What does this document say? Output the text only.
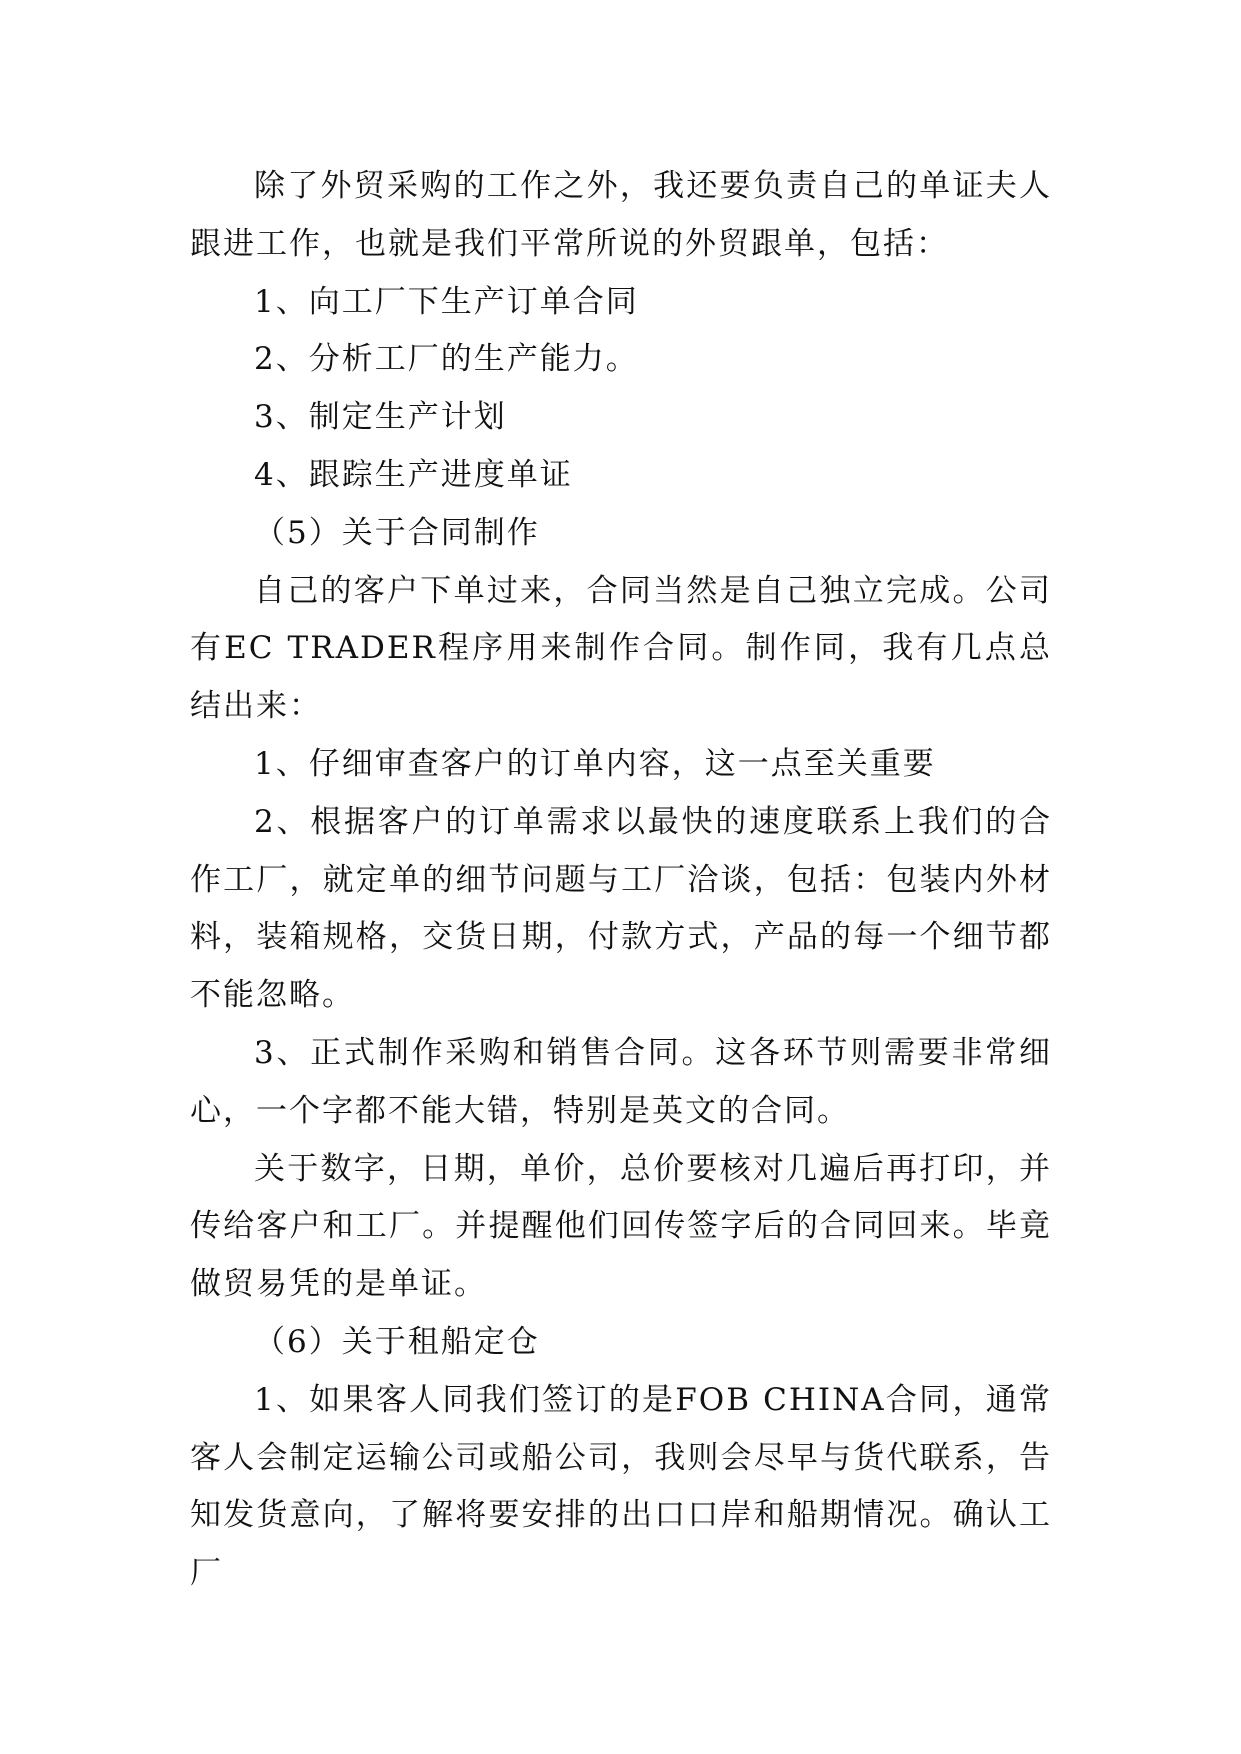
除了外贸采购的工作之外，我还要负责自己的单证夫人跟进工作，也就是我们平常所说的外贸跟单，包括：

1、向工厂下生产订单合同

2、分析工厂的生产能力。

3、制定生产计划

4、跟踪生产进度单证

（5）关于合同制作

自己的客户下单过来，合同当然是自己独立完成。公司有EC TRADER程序用来制作合同。制作同，我有几点总结出来：

1、仔细审查客户的订单内容，这一点至关重要

2、根据客户的订单需求以最快的速度联系上我们的合作工厂，就定单的细节问题与工厂洽谈，包括：包装内外材料，装箱规格，交货日期，付款方式，产品的每一个细节都不能忽略。

3、正式制作采购和销售合同。这各环节则需要非常细心，一个字都不能大错，特别是英文的合同。

关于数字，日期，单价，总价要核对几遍后再打印，并传给客户和工厂。并提醒他们回传签字后的合同回来。毕竟做贸易凭的是单证。

（6）关于租船定仓

1、如果客人同我们签订的是FOB CHINA合同，通常客人会制定运输公司或船公司，我则会尽早与货代联系，告知发货意向，了解将要安排的出口口岸和船期情况。确认工厂
